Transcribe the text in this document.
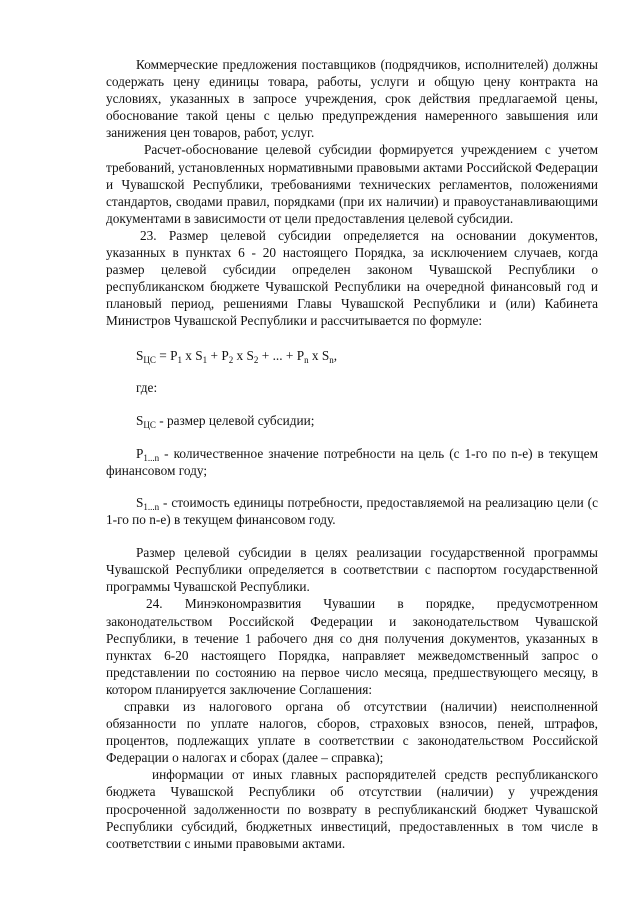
Коммерческие предложения поставщиков (подрядчиков, исполнителей) должны содержать цену единицы товара, работы, услуги и общую цену контракта на условиях, указанных в запросе учреждения, срок действия предлагаемой цены, обоснование такой цены с целью предупреждения намеренного завышения или занижения цен товаров, работ, услуг.

Расчет-обоснование целевой субсидии формируется учреждением с учетом требований, установленных нормативными правовыми актами Российской Федерации и Чувашской Республики, требованиями технических регламентов, положениями стандартов, сводами правил, порядками (при их наличии) и правоустанавливающими документами в зависимости от цели предоставления целевой субсидии.

23. Размер целевой субсидии определяется на основании документов, указанных в пунктах 6 - 20 настоящего Порядка, за исключением случаев, когда размер целевой субсидии определен законом Чувашской Республики о республиканском бюджете Чувашской Республики на очередной финансовый год и плановый период, решениями Главы Чувашской Республики и (или) Кабинета Министров Чувашской Республики и рассчитывается по формуле:

$S_{ЦС} = P_1$ x $S_1 + P_2$ x $S_2$ + ... + $P_n$ x $S_n$,

где:

$S_{ЦС}$ - размер целевой субсидии;

$P_{1...n}$ - количественное значение потребности на цель (с 1-го по n-е) в текущем финансовом году;

$S_{1...n}$ - стоимость единицы потребности, предоставляемой на реализацию цели (с 1-го по n-е) в текущем финансовом году.

Размер целевой субсидии в целях реализации государственной программы Чувашской Республики определяется в соответствии с паспортом государственной программы Чувашской Республики.

24. Минэкономразвития Чувашии в порядке, предусмотренном законодательством Российской Федерации и законодательством Чувашской Республики, в течение 1 рабочего дня со дня получения документов, указанных в пунктах 6-20 настоящего Порядка, направляет межведомственный запрос о представлении по состоянию на первое число месяца, предшествующего месяцу, в котором планируется заключение Соглашения:

справки из налогового органа об отсутствии (наличии) неисполненной обязанности по уплате налогов, сборов, страховых взносов, пеней, штрафов, процентов, подлежащих уплате в соответствии с законодательством Российской Федерации о налогах и сборах (далее – справка);

информации от иных главных распорядителей средств республиканского бюджета Чувашской Республики об отсутствии (наличии) у учреждения просроченной задолженности по возврату в республиканский бюджет Чувашской Республики субсидий, бюджетных инвестиций, предоставленных в том числе в соответствии с иными правовыми актами.
